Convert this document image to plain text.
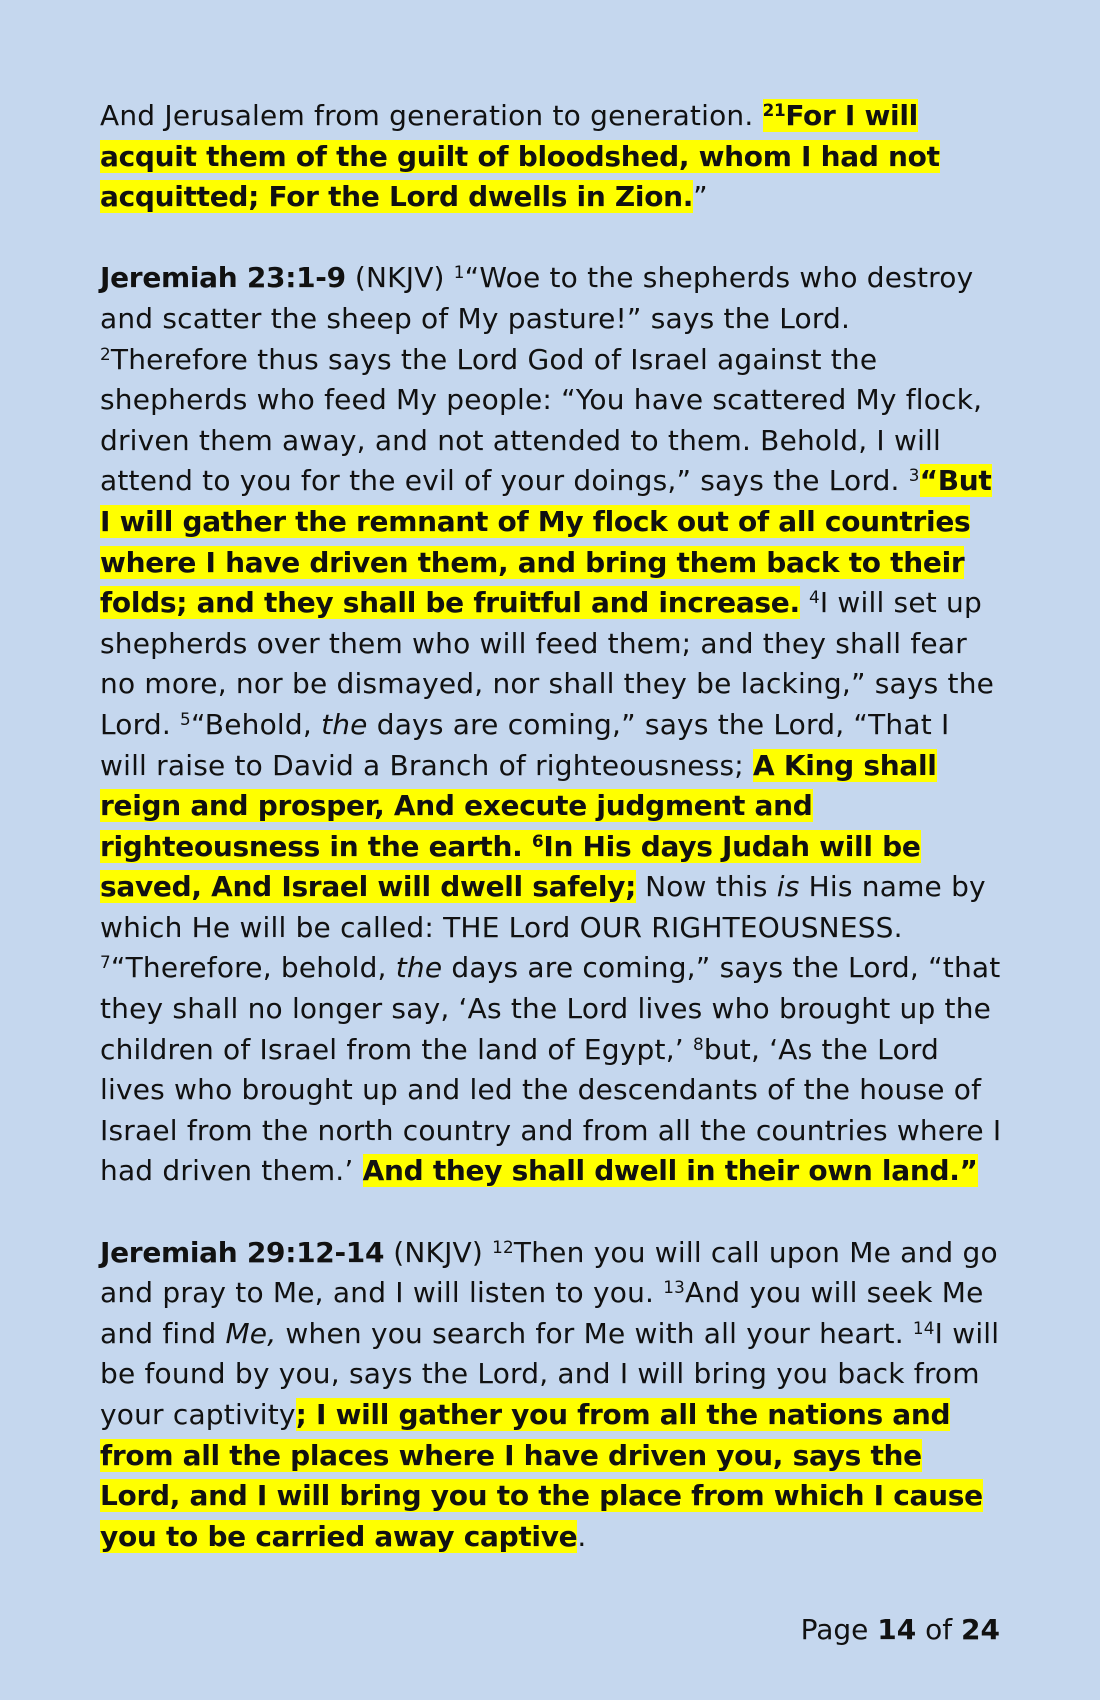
And Jerusalem from generation to generation. $^{21}$For I will acquit them of the guilt of bloodshed, whom I had not acquitted; For the Lord dwells in Zion.”

Jeremiah 23:1-9 (NKJV) $^1$“Woe to the shepherds who destroy and scatter the sheep of My pasture!” says the Lord. $^2$Therefore thus says the Lord God of Israel against the shepherds who feed My people: “You have scattered My flock, driven them away, and not attended to them. Behold, I will attend to you for the evil of your doings,” says the Lord. $^3$“But I will gather the remnant of My flock out of all countries where I have driven them, and bring them back to their folds; and they shall be fruitful and increase. $^4$I will set up shepherds over them who will feed them; and they shall fear no more, nor be dismayed, nor shall they be lacking,” says the Lord. $^5$“Behold, the days are coming,” says the Lord, “That I will raise to David a Branch of righteousness; A King shall reign and prosper, And execute judgment and righteousness in the earth. $^6$In His days Judah will be saved, And Israel will dwell safely; Now this is His name by which He will be called: THE Lord OUR RIGHTEOUSNESS. $^7$“Therefore, behold, the days are coming,” says the Lord, “that they shall no longer say, ‘As the Lord lives who brought up the children of Israel from the land of Egypt,’ $^8$but, ‘As the Lord lives who brought up and led the descendants of the house of Israel from the north country and from all the countries where I had driven them.’ And they shall dwell in their own land.”

Jeremiah 29:12-14 (NKJV) $^{12}$Then you will call upon Me and go and pray to Me, and I will listen to you. $^{13}$And you will seek Me and find Me, when you search for Me with all your heart. $^{14}$I will be found by you, says the Lord, and I will bring you back from your captivity; I will gather you from all the nations and from all the places where I have driven you, says the Lord, and I will bring you to the place from which I cause you to be carried away captive.

Page 14 of 24
